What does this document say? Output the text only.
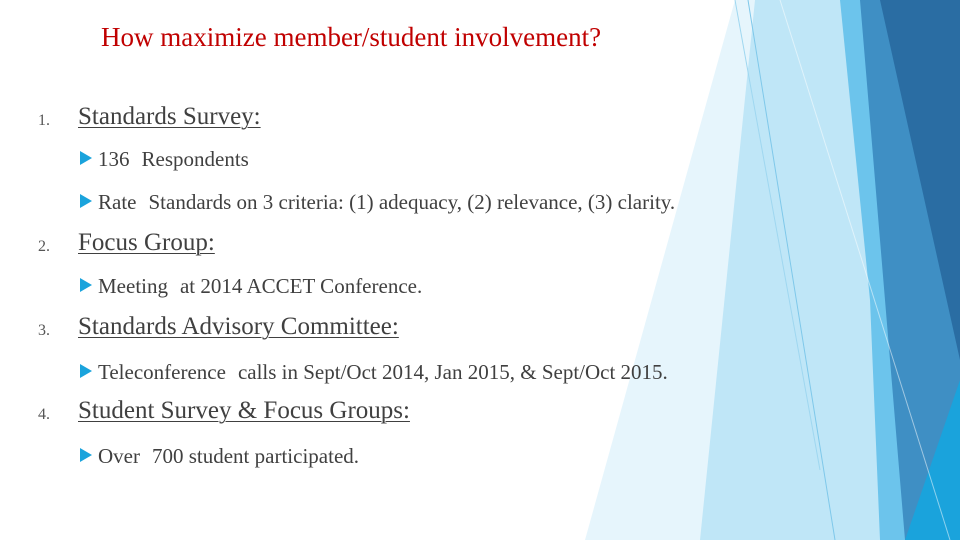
How maximize member/student involvement?
1. Standards Survey:
136 Respondents
Rate Standards on 3 criteria: (1) adequacy, (2) relevance, (3) clarity.
2. Focus Group:
Meeting at 2014 ACCET Conference.
3. Standards Advisory Committee:
Teleconference calls in Sept/Oct 2014, Jan 2015, & Sept/Oct 2015.
4. Student Survey & Focus Groups:
Over 700 student participated.
